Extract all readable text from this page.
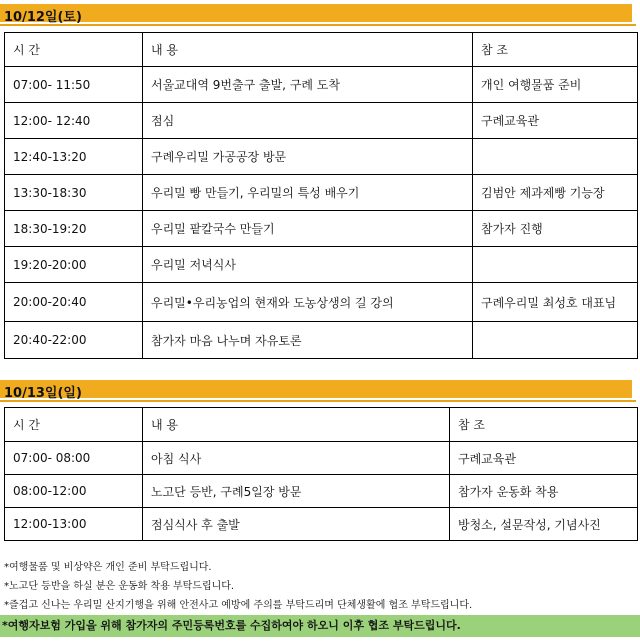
10/12일(토)
시 간	내 용	참 조
07:00- 11:50	서울교대역 9번출구 출발, 구례 도착	개인 여행물품 준비
12:00- 12:40	점심	구례교육관
12:40-13:20	구례우리밀 가공공장 방문	
13:30-18:30	우리밀 빵 만들기, 우리밀의 특성 배우기	김범안 제과제빵 기능장
18:30-19:20	우리밀 팥칼국수 만들기	참가자 진행
19:20-20:00	우리밀 저녁식사	
20:00-20:40	우리밀•우리농업의 현재와 도농상생의 길 강의	구례우리밀 최성호 대표님
20:40-22:00	참가자 마음 나누며 자유토론	
10/13일(일)
시 간	내 용	참 조
07:00- 08:00	아침 식사	구례교육관
08:00-12:00	노고단 등반, 구례5일장 방문	참가자 운동화 착용
12:00-13:00	점심식사 후 출발	방청소, 설문작성, 기념사진
*여행물품 및 비상약은 개인 준비 부탁드립니다.
*노고단 등반을 하실 분은 운동화 착용 부탁드립니다.
*즐겁고 신나는 우리밀 산지기행을 위해 안전사고 예방에 주의를 부탁드리며 단체생활에 협조 부탁드립니다.
*여행자보험 가입을 위해 참가자의 주민등록번호를 수집하여야 하오니 이후 협조 부탁드립니다.
